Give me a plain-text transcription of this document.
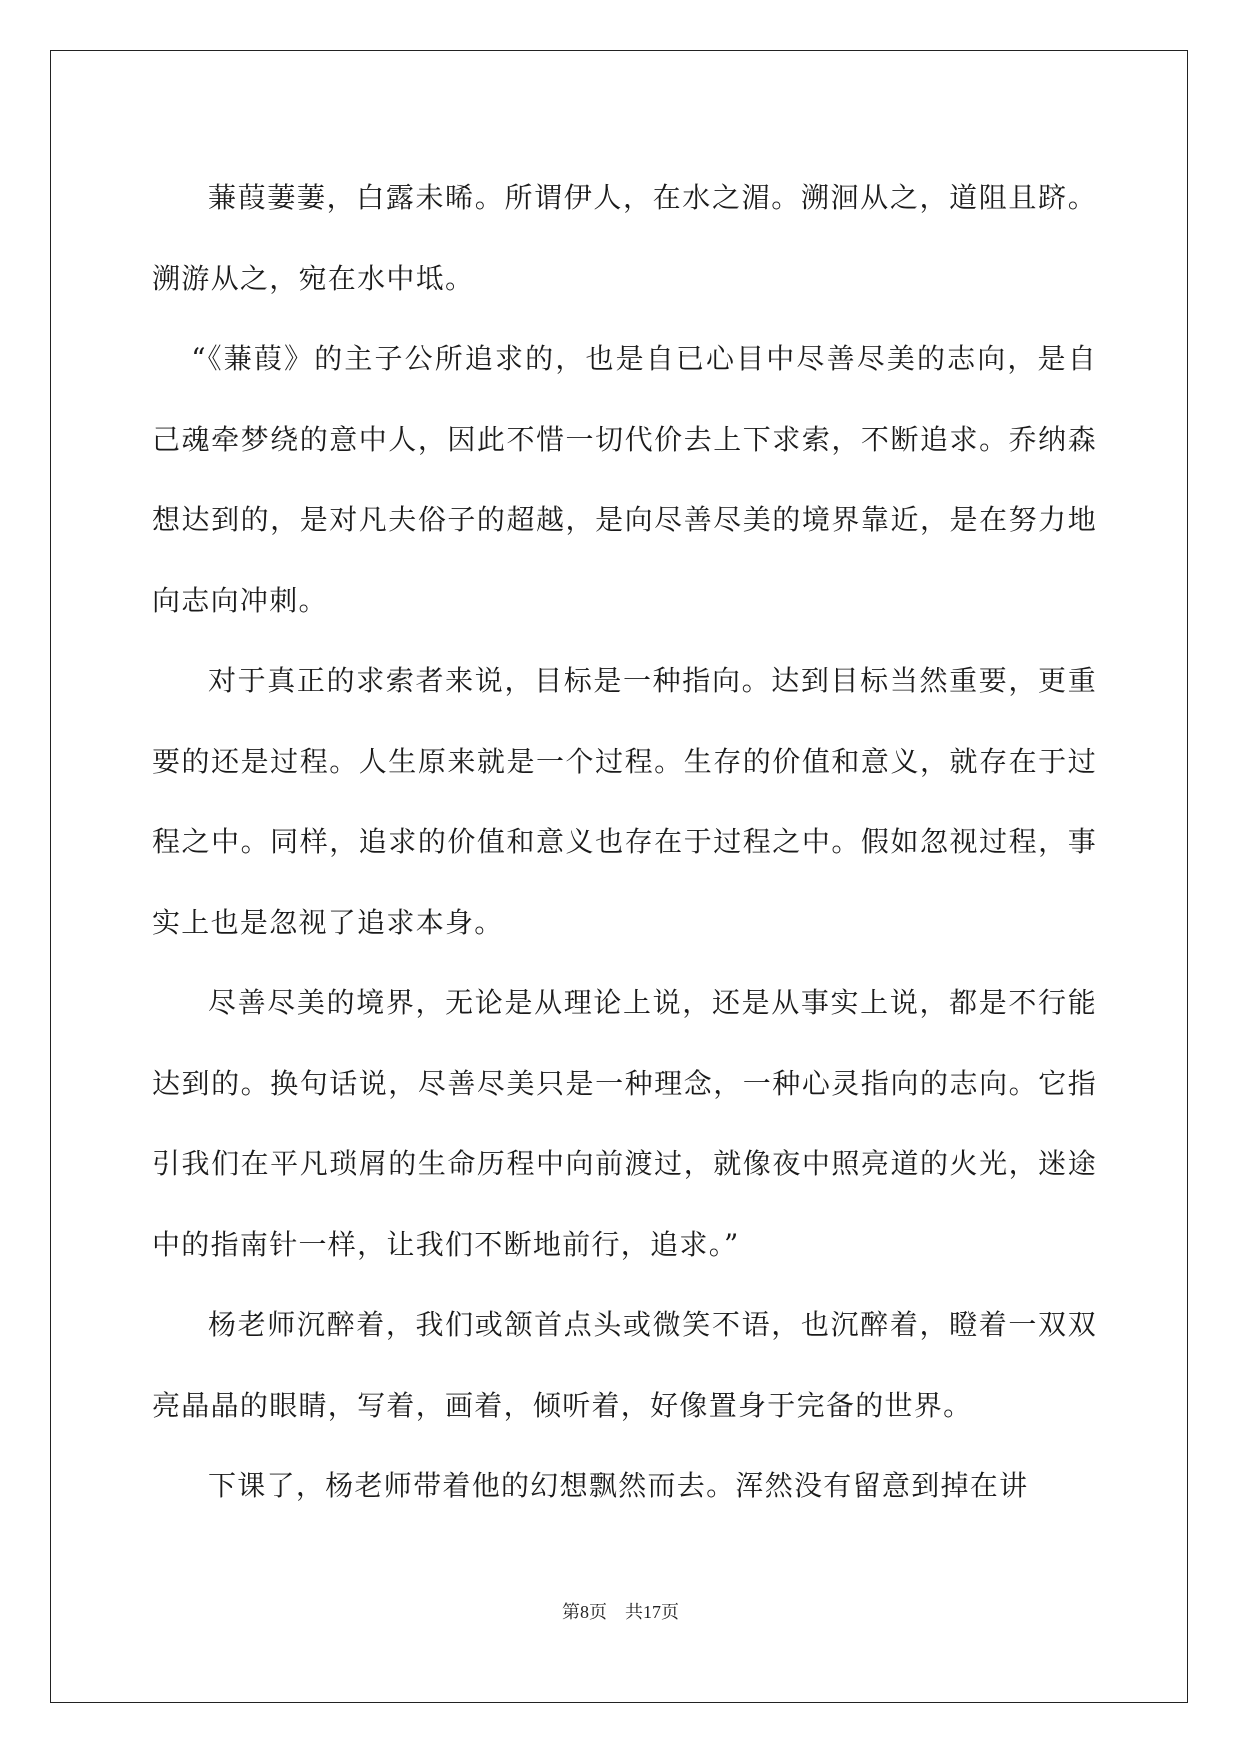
蒹葭萋萋，白露未晞。所谓伊人，在水之湄。溯洄从之，道阻且跻。溯游从之，宛在水中坻。

“《蒹葭》的主子公所追求的，也是自已心目中尽善尽美的志向，是自己魂牵梦绕的意中人，因此不惜一切代价去上下求索，不断追求。乔纳森想达到的，是对凡夫俗子的超越，是向尽善尽美的境界靠近，是在努力地向志向冲刺。

对于真正的求索者来说，目标是一种指向。达到目标当然重要，更重要的还是过程。人生原来就是一个过程。生存的价值和意义，就存在于过程之中。同样，追求的价值和意义也存在于过程之中。假如忽视过程，事实上也是忽视了追求本身。

尽善尽美的境界，无论是从理论上说，还是从事实上说，都是不行能达到的。换句话说，尽善尽美只是一种理念，一种心灵指向的志向。它指引我们在平凡琐屑的生命历程中向前渡过，就像夜中照亮道的火光，迷途中的指南针一样，让我们不断地前行，追求。”

杨老师沉醉着，我们或颔首点头或微笑不语，也沉醉着，瞪着一双双亮晶晶的眼睛，写着，画着，倾听着，好像置身于完备的世界。

下课了，杨老师带着他的幻想飘然而去。浑然没有留意到掉在讲

第8页    共17页
